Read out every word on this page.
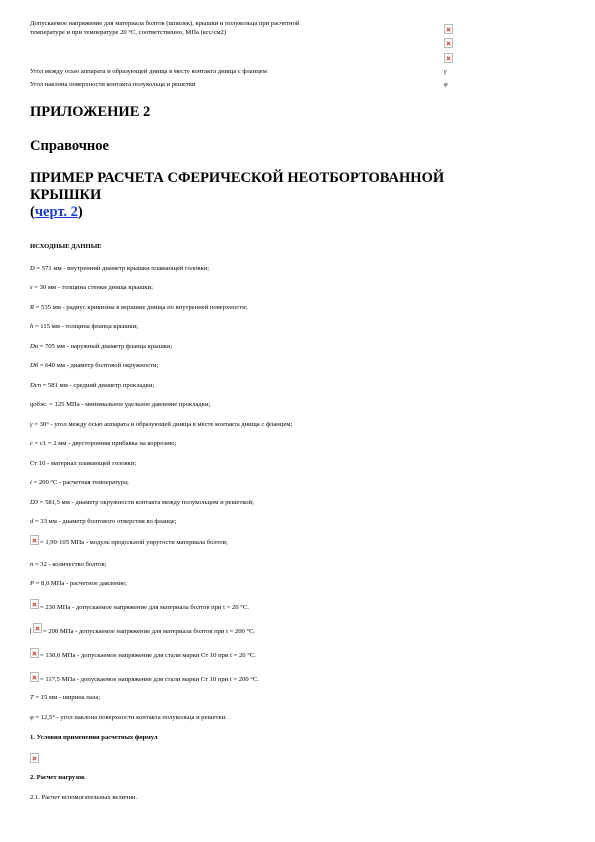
Допускаемое напряжение для материала болтов (шпилек), крышки и полукольца при расчетной
температуре и при температуре 20 °С, соответственно, МПа (кгс/см2)
Угол между осью аппарата и образующей днища в месте контакта днища с фланцем	γ
Угол наклона поверхности контакта полукольца и решетки	φ
ПРИЛОЖЕНИЕ 2
Справочное
ПРИМЕР РАСЧЕТА СФЕРИЧЕСКОЙ НЕОТБОРТОВАННОЙ
КРЫШКИ
(черт. 2)
ИСХОДНЫЕ ДАННЫЕ
D = 571 мм - внутренний диаметр крышки плавающей головки;
s = 30 мм - толщина стенки днища крышки;
R = 535 мм - радиус кривизны в вершине днища по внутренней поверхности;
h = 115 мм - толщина фланца крышки;
Dн = 705 мм - наружный диаметр фланца крышки;
Dб = 640 мм - диаметр болтовой окружности;
Dсп = 581 мм - средний диаметр прокладки;
qобж. = 125 МПа - минимальное удельное давление прокладки;
γ = 30° - угол между осью аппарата и образующей днища в месте контакта днища с фланцем;
c = c1 = 2 мм - двусторонняя прибавка на коррозию;
Ст 10 - материал плавающей головки;
t = 200 °С - расчетная температура;
D3 = 581,5 мм - диаметр окружности контакта между полукольцом и решеткой;
d = 33 мм - диаметр болтового отверстия во фланце;
= 1,99·105 МПа - модуль продольной упругости материала болтов;
n = 32 - количество болтов;
P = 8,0 МПа - расчетное давление;
= 230 МПа - допускаемое напряжение для материала болтов при t = 20 °С.
[ = 200 МПа - допускаемое напряжение для материала болтов при t = 200 °С.
= 130,0 МПа - допускаемое напряжение для стали марки Ст 10 при t = 20 °С.
= 117,5 МПа - допускаемое напряжение для стали марки Ст 10 при t = 200 °С.
T = 15 мм - ширина паза;
φ = 12,5° - угол наклона поверхности контакта полукольца и решетки.
1. Условия применения расчетных формул
2. Расчет нагрузок
2.1. Расчет вспомогательных величин.
